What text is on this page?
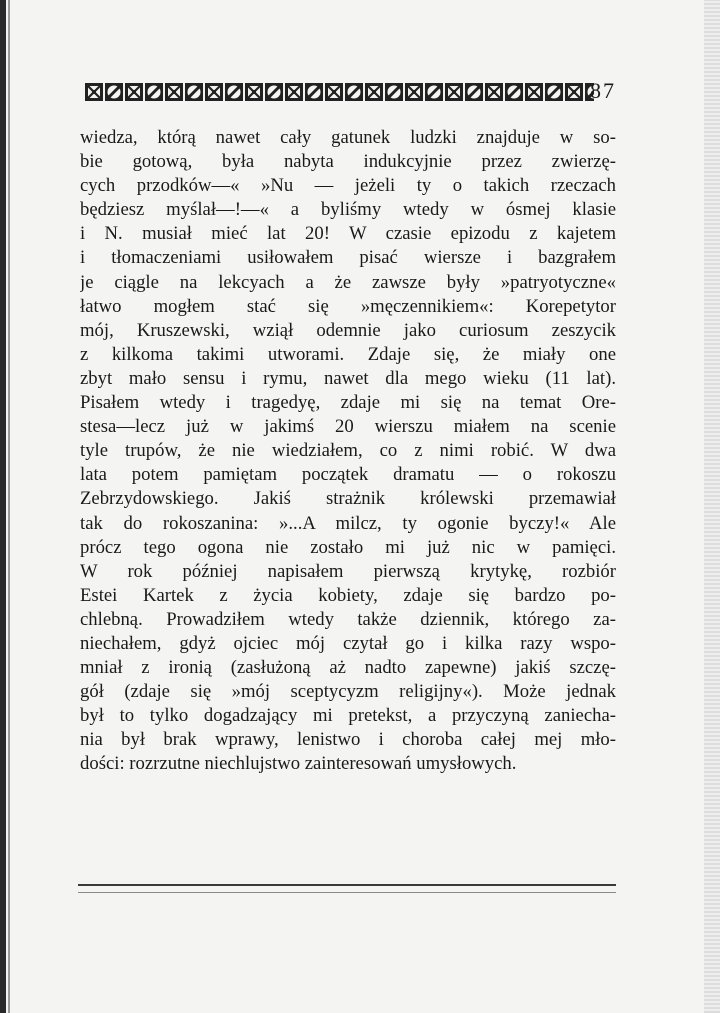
87
wiedza, którą nawet cały gatunek ludzki znajduje w so-
bie gotową, była nabyta indukcyjnie przez zwierzę-
cych przodków—« »Nu — jeżeli ty o takich rzeczach
będziesz myślał—!—« a byliśmy wtedy w ósmej klasie
i N. musiał mieć lat 20! W czasie epizodu z kajetem
i tłomaczeniami usiłowałem pisać wiersze i bazgrałem
je ciągle na lekcyach a że zawsze były »patryotyczne«
łatwo mogłem stać się »męczennikiem«: Korepetytor
mój, Kruszewski, wziął odemnie jako curiosum zeszycik
z kilkoma takimi utworami. Zdaje się, że miały one
zbyt mało sensu i rymu, nawet dla mego wieku (11 lat).
Pisałem wtedy i tragedyę, zdaje mi się na temat Ore-
stesa—lecz już w jakimś 20 wierszu miałem na scenie
tyle trupów, że nie wiedziałem, co z nimi robić. W dwa
lata potem pamiętam początek dramatu — o rokoszu
Zebrzydowskiego. Jakiś strażnik królewski przemawiał
tak do rokoszanina: »...A milcz, ty ogonie byczy!« Ale
prócz tego ogona nie zostało mi już nic w pamięci.
W rok później napisałem pierwszą krytykę, rozbiór
Estei Kartek z życia kobiety, zdaje się bardzo po-
chlebną. Prowadziłem wtedy także dziennik, którego za-
niechałem, gdyż ojciec mój czytał go i kilka razy wspo-
mniał z ironią (zasłużoną aż nadto zapewne) jakiś szczę-
gół (zdaje się »mój sceptycyzm religijny«). Może jednak
był to tylko dogadzający mi pretekst, a przyczyną zaniecha-
nia był brak wprawy, lenistwo i choroba całej mej mło-
dości: rozrzutne niechlujstwo zainteresowań umysłowych.
